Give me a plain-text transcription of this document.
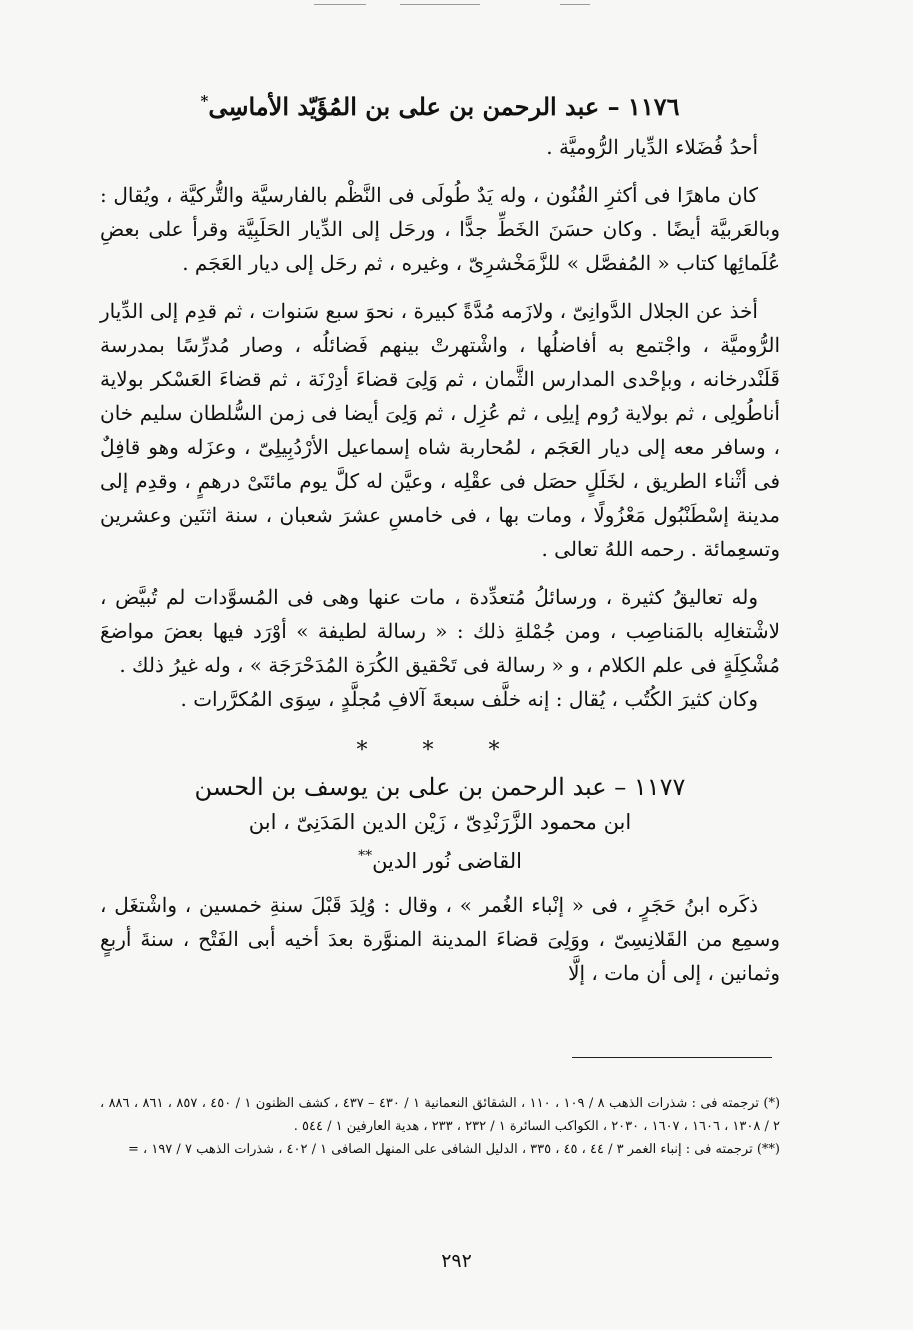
١١٧٦ – عبد الرحمن بن على بن المُؤَيّد الأماسِى*

أحدُ فُضَلاء الدِّيار الرُّوميَّة .

كان ماهرًا فى أكثرِ الفُنُون ، وله يَدٌ طُولَى فى النَّظْم بالفارسيَّة والتُّركيَّة ، ويُقال : وبالعَربيَّة أيضًا . وكان حسَنَ الخَطِّ جدًّا ، ورحَل إلى الدِّيار الحَلَبِيَّة وقرأ على بعضِ عُلَمائِها كتاب « المُفصَّل » للزَّمَخْشرِىّ ، وغيره ، ثم رحَل إلى ديار العَجَم .

أخذ عن الجلال الدَّوانِىّ ، ولازَمه مُدَّةً كبيرة ، نحوَ سبع سَنوات ، ثم قدِم إلى الدِّيار الرُّوميَّة ، واجْتمع به أفاضلُها ، واشْتهرتْ بينهم فَضائلُه ، وصار مُدرِّسًا بمدرسة قَلَنْدرخانه ، وبإحْدى المدارس الثَّمان ، ثم وَلِىَ قضاءَ أدِرْنَة ، ثم قضاءَ العَسْكر بولاية أناطُولِى ، ثم بولاية رُوم إيلِى ، ثم عُزِل ، ثم وَلِىَ أيضا فى زمن السُّلطان سليم خان ، وسافر معه إلى ديار العَجَم ، لمُحاربة شاه إسماعيل الأرْدُبِيلِىّ ، وعزَله وهو قافِلٌ فى أثْناء الطريق ، لخَلَلٍ حصَل فى عقْلِه ، وعيَّن له كلَّ يوم مائتَىْ درهمٍ ، وقدِم إلى مدينة إسْطَنْبُول مَعْزُولًا ، ومات بها ، فى خامسِ عشرَ شعبان ، سنة اثنَين وعشرين وتسعِمائة . رحمه اللهُ تعالى .

وله تعاليقُ كثيرة ، ورسائلُ مُتعدِّدة ، مات عنها وهى فى المُسوَّدات لم تُبيَّض ، لاشْتغالِه بالمَناصِب ، ومن جُمْلةِ ذلك : « رسالة لطيفة » أوْرَد فيها بعضَ مواضعَ مُشْكِلَةٍ فى علم الكلام ، و « رسالة فى تَحْقيق الكُرَة المُدَحْرَجَة » ، وله غيرُ ذلك .

وكان كثيرَ الكُتُب ، يُقال : إنه خلَّف سبعةَ آلافِ مُجلَّدٍ ، سِوَى المُكرَّرات .

* * *
١١٧٧ – عبد الرحمن بن على بن يوسف بن الحسن
ابن محمود الزَّرَنْدِىّ ، زَيْن الدين المَدَنِىّ ، ابن
القاضى نُور الدين**

ذكَره ابنُ حَجَرٍ ، فى « إنْباء الغُمر » ، وقال : وُلِدَ قَبْلَ سنةِ خمسين ، واشْتغَل ، وسمِع من القَلانِسِىّ ، ووَلِىَ قضاءَ المدينة المنوَّرة بعدَ أخيه أبى الفَتْح ، سنةَ أربعٍ وثمانين ، إلى أن مات ، إلَّا

(*) ترجمته فى : شذرات الذهب ٨ / ١٠٩ ، ١١٠ ، الشقائق النعمانية ١ / ٤٣٠ – ٤٣٧ ، كشف الظنون ١ / ٤٥٠ ، ٨٥٧ ، ٨٦١ ، ٨٨٦ ، ٢ / ١٣٠٨ ، ١٦٠٦ ، ١٦٠٧ ، ٢٠٣٠ ، الكواكب السائرة ١ / ٢٣٢ ، ٢٣٣ ، هدية العارفين ١ / ٥٤٤ .
(**) ترجمته فى : إنباء الغمر ٣ / ٤٤ ، ٤٥ ، ٣٣٥ ، الدليل الشافى على المنهل الصافى ١ / ٤٠٢ ، شذرات الذهب ٧ / ١٩٧ ، =
٢٩٢
